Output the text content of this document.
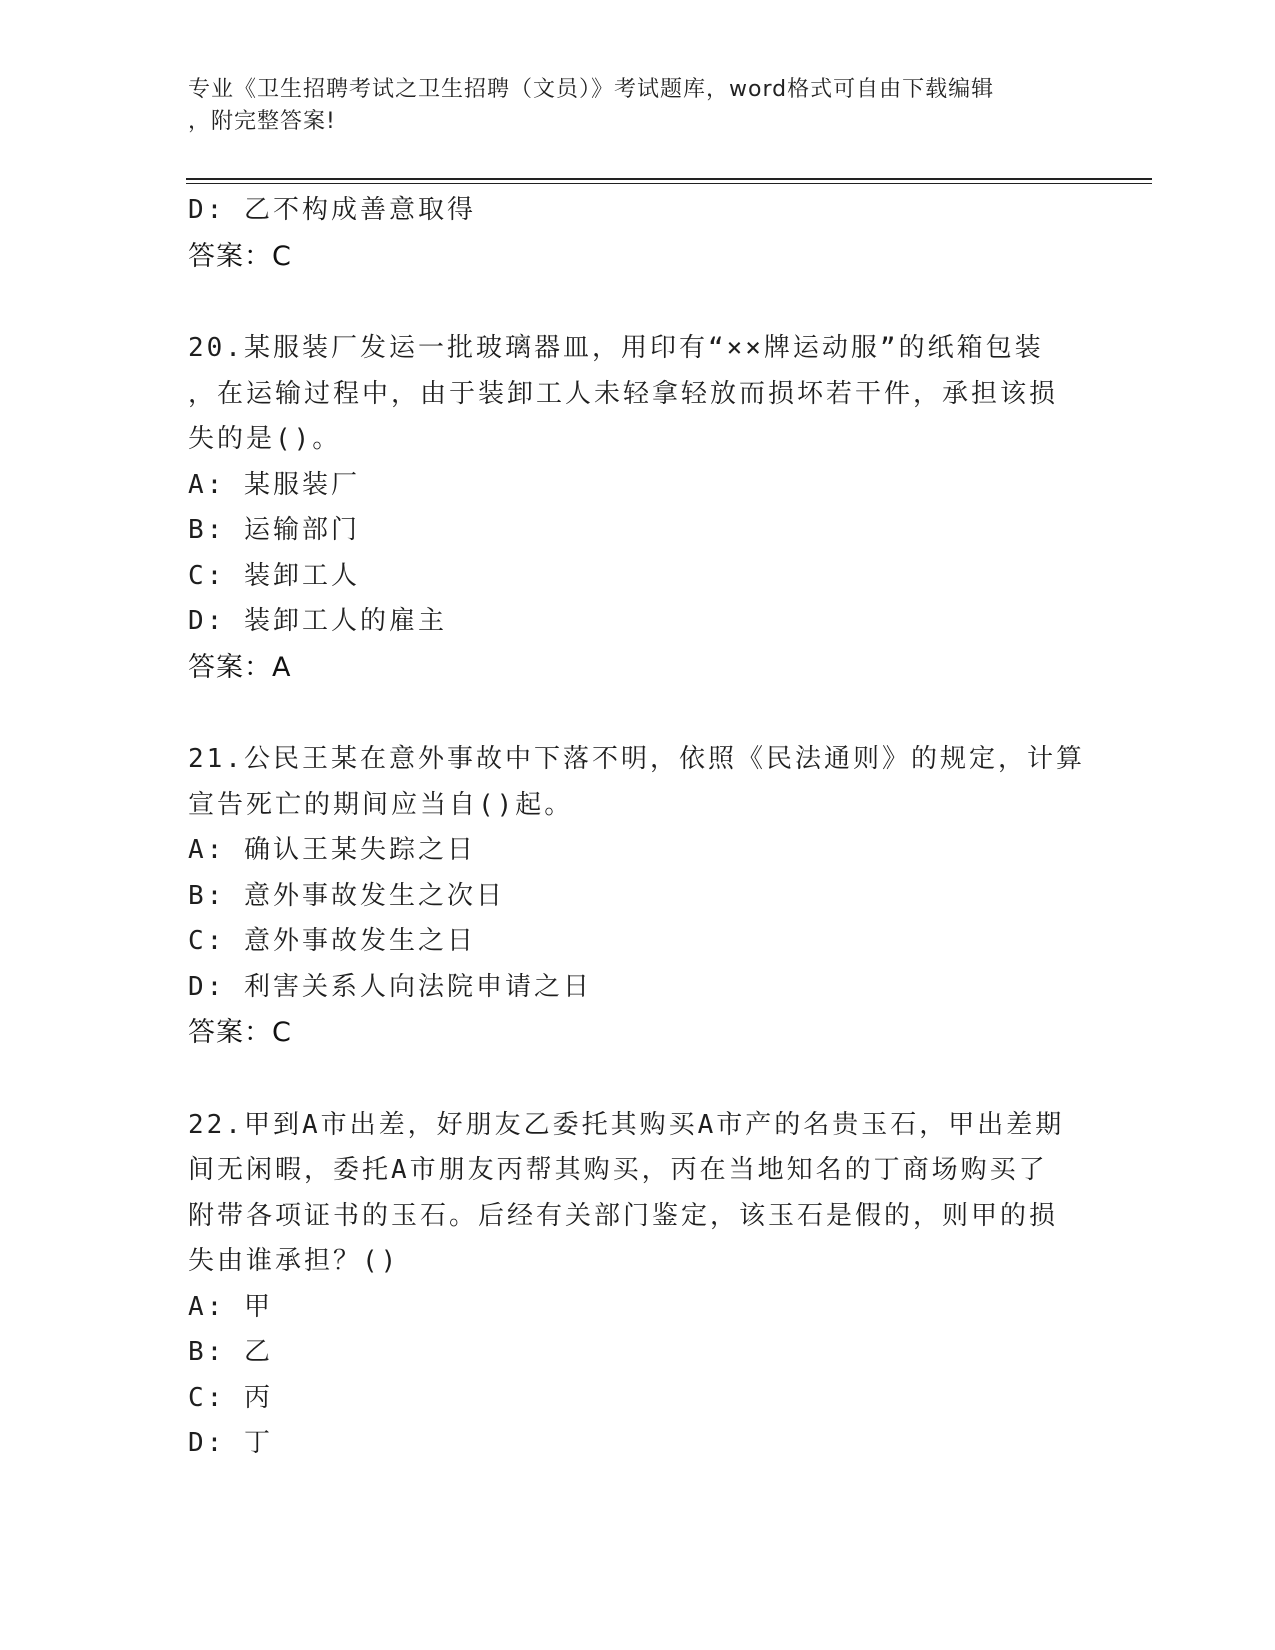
专业《卫生招聘考试之卫生招聘（文员）》考试题库，word格式可自由下载编辑

，附完整答案!
D: 乙不构成善意取得
答案：C
20.某服装厂发运一批玻璃器皿，用印有“××牌运动服”的纸箱包装
，在运输过程中，由于装卸工人未轻拿轻放而损坏若干件，承担该损
失的是()。
A: 某服装厂
B: 运输部门
C: 装卸工人
D: 装卸工人的雇主
答案：A
21.公民王某在意外事故中下落不明，依照《民法通则》的规定，计算
宣告死亡的期间应当自()起。
A: 确认王某失踪之日
B: 意外事故发生之次日
C: 意外事故发生之日
D: 利害关系人向法院申请之日
答案：C
22.甲到A市出差，好朋友乙委托其购买A市产的名贵玉石，甲出差期
间无闲暇，委托A市朋友丙帮其购买，丙在当地知名的丁商场购买了
附带各项证书的玉石。后经有关部门鉴定，该玉石是假的，则甲的损
失由谁承担？()
A: 甲
B: 乙
C: 丙
D: 丁
